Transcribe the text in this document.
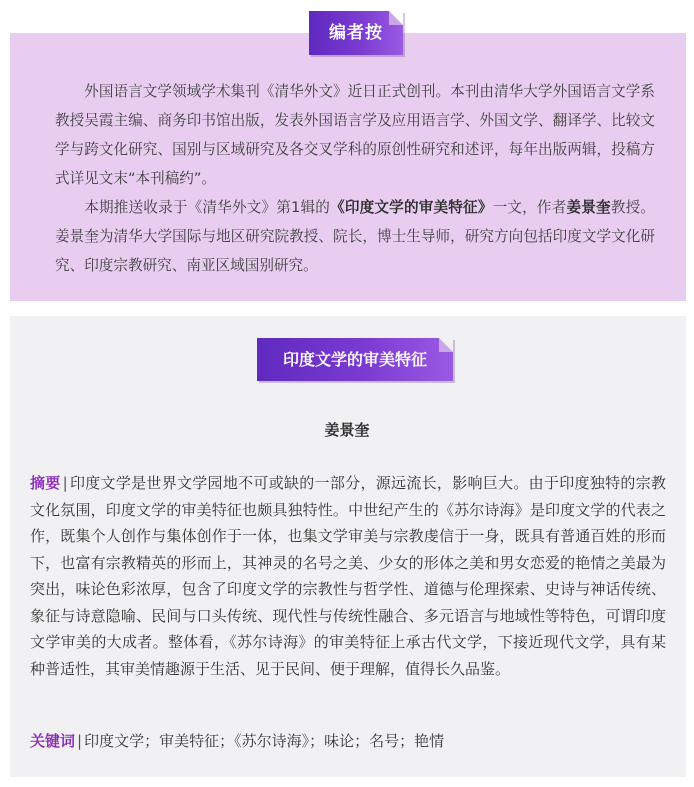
编者按

外国语言文学领域学术集刊《清华外文》近日正式创刊。本刊由清华大学外国语言文学系教授吴霞主编、商务印书馆出版，发表外国语言学及应用语言学、外国文学、翻译学、比较文学与跨文化研究、国别与区域研究及各交叉学科的原创性研究和述评，每年出版两辑，投稿方式详见文末“本刊稿约”。

本期推送收录于《清华外文》第1辑的《印度文学的审美特征》一文，作者姜景奎教授。姜景奎为清华大学国际与地区研究院教授、院长，博士生导师，研究方向包括印度文学文化研究、印度宗教研究、南亚区域国别研究。

印度文学的审美特征
姜景奎

摘要 | 印度文学是世界文学园地不可或缺的一部分，源远流长，影响巨大。由于印度独特的宗教文化氛围，印度文学的审美特征也颇具独特性。中世纪产生的《苏尔诗海》是印度文学的代表之作，既集个人创作与集体创作于一体，也集文学审美与宗教虔信于一身，既具有普通百姓的形而下，也富有宗教精英的形而上，其神灵的名号之美、少女的形体之美和男女恋爱的艳情之美最为突出，味论色彩浓厚，包含了印度文学的宗教性与哲学性、道德与伦理探索、史诗与神话传统、象征与诗意隐喻、民间与口头传统、现代性与传统性融合、多元语言与地域性等特色，可谓印度文学审美的大成者。整体看，《苏尔诗海》的审美特征上承古代文学，下接近现代文学，具有某种普适性，其审美情趣源于生活、见于民间、便于理解，值得长久品鉴。

关键词 | 印度文学；审美特征；《苏尔诗海》；味论；名号；艳情
